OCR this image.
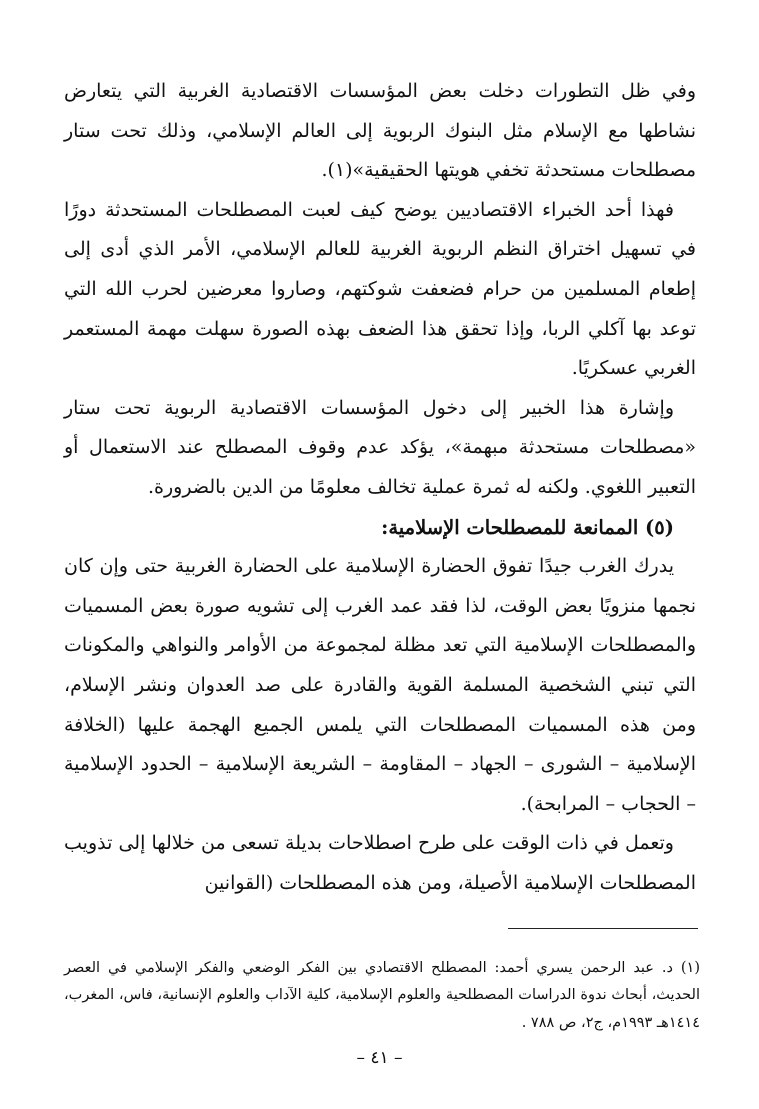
وفي ظل التطورات دخلت بعض المؤسسات الاقتصادية الغربية التي يتعارض نشاطها مع الإسلام مثل البنوك الربوية إلى العالم الإسلامي، وذلك تحت ستار مصطلحات مستحدثة تخفي هويتها الحقيقية»(١).

فهذا أحد الخبراء الاقتصاديين يوضح كيف لعبت المصطلحات المستحدثة دورًا في تسهيل اختراق النظم الربوية الغربية للعالم الإسلامي، الأمر الذي أدى إلى إطعام المسلمين من حرام فضعفت شوكتهم، وصاروا معرضين لحرب الله التي توعد بها آكلي الربا، وإذا تحقق هذا الضعف بهذه الصورة سهلت مهمة المستعمر الغربي عسكريًا.

وإشارة هذا الخبير إلى دخول المؤسسات الاقتصادية الربوية تحت ستار «مصطلحات مستحدثة مبهمة»، يؤكد عدم وقوف المصطلح عند الاستعمال أو التعبير اللغوي. ولكنه له ثمرة عملية تخالف معلومًا من الدين بالضرورة.

(٥) الممانعة للمصطلحات الإسلامية:

يدرك الغرب جيدًا تفوق الحضارة الإسلامية على الحضارة الغربية حتى وإن كان نجمها منزويًا بعض الوقت، لذا فقد عمد الغرب إلى تشويه صورة بعض المسميات والمصطلحات الإسلامية التي تعد مظلة لمجموعة من الأوامر والنواهي والمكونات التي تبني الشخصية المسلمة القوية والقادرة على صد العدوان ونشر الإسلام، ومن هذه المسميات المصطلحات التي يلمس الجميع الهجمة عليها (الخلافة الإسلامية – الشورى – الجهاد – المقاومة – الشريعة الإسلامية – الحدود الإسلامية – الحجاب – المرابحة).

وتعمل في ذات الوقت على طرح اصطلاحات بديلة تسعى من خلالها إلى تذويب المصطلحات الإسلامية الأصيلة، ومن هذه المصطلحات (القوانين

(١) د. عبد الرحمن يسري أحمد: المصطلح الاقتصادي بين الفكر الوضعي والفكر الإسلامي في العصر الحديث، أبحاث ندوة الدراسات المصطلحية والعلوم الإسلامية، كلية الآداب والعلوم الإنسانية، فاس، المغرب، ١٤١٤هـ ١٩٩٣م، ج٢، ص ٧٨٨ .

– ٤١ –
